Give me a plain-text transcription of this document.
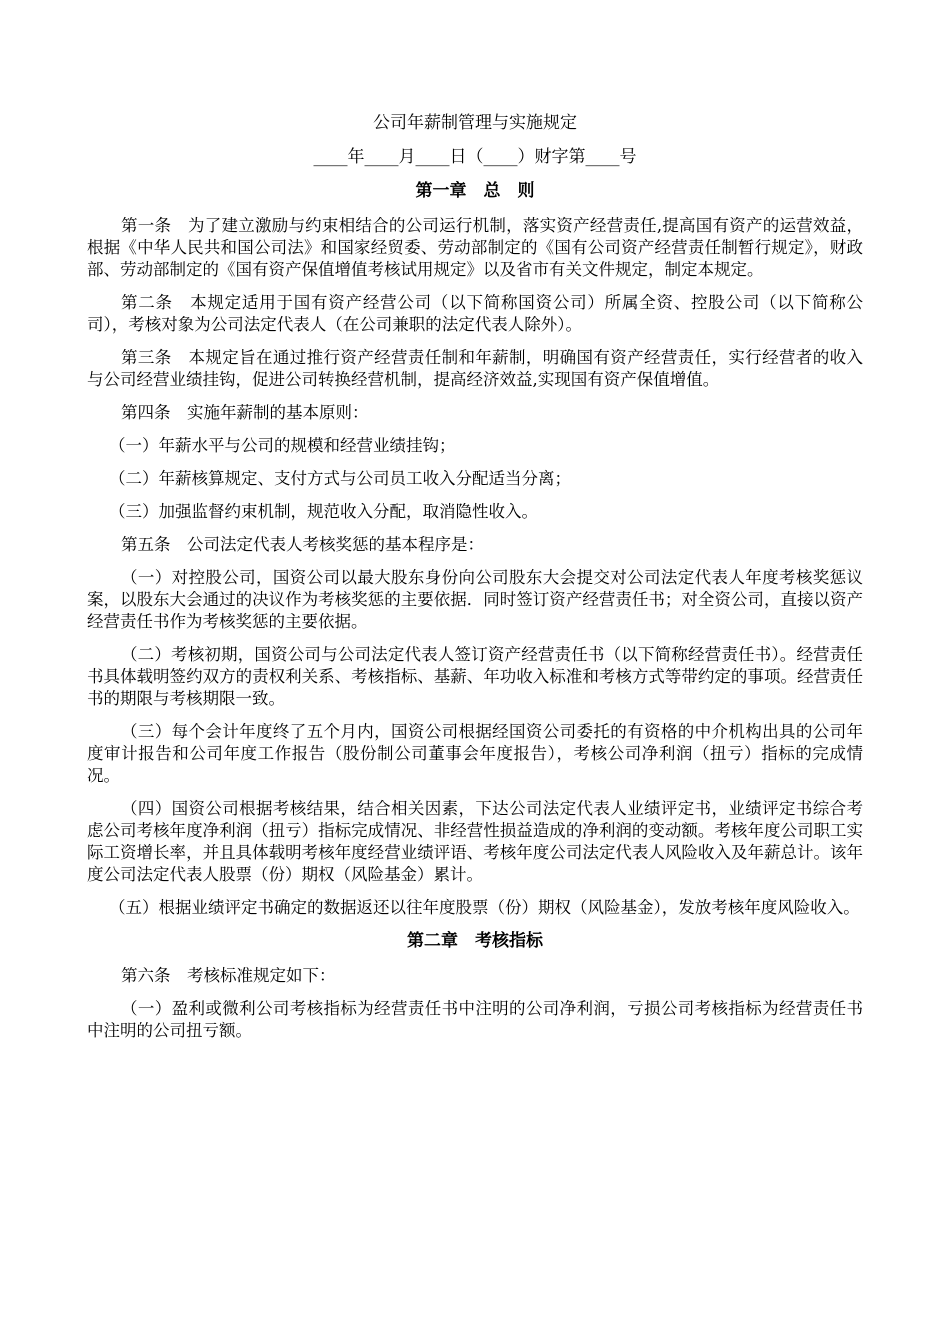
公司年薪制管理与实施规定
____年____月____日（____）财字第____号
第一章　总　则

第一条　为了建立激励与约束相结合的公司运行机制，落实资产经营责任,提高国有资产的运营效益，根据《中华人民共和国公司法》和国家经贸委、劳动部制定的《国有公司资产经营责任制暂行规定》，财政部、劳动部制定的《国有资产保值增值考核试用规定》以及省市有关文件规定，制定本规定。

第二条　本规定适用于国有资产经营公司（以下简称国资公司）所属全资、控股公司（以下简称公司），考核对象为公司法定代表人（在公司兼职的法定代表人除外）。

第三条　本规定旨在通过推行资产经营责任制和年薪制，明确国有资产经营责任，实行经营者的收入与公司经营业绩挂钩，促进公司转换经营机制，提高经济效益,实现国有资产保值增值。

第四条　实施年薪制的基本原则：

（一）年薪水平与公司的规模和经营业绩挂钩；

（二）年薪核算规定、支付方式与公司员工收入分配适当分离；

（三）加强监督约束机制，规范收入分配，取消隐性收入。

第五条　公司法定代表人考核奖惩的基本程序是：

（一）对控股公司，国资公司以最大股东身份向公司股东大会提交对公司法定代表人年度考核奖惩议案，以股东大会通过的决议作为考核奖惩的主要依据．同时签订资产经营责任书；对全资公司，直接以资产经营责任书作为考核奖惩的主要依据。

（二）考核初期，国资公司与公司法定代表人签订资产经营责任书（以下简称经营责任书）。经营责任书具体载明签约双方的责权利关系、考核指标、基薪、年功收入标准和考核方式等带约定的事项。经营责任书的期限与考核期限一致。

（三）每个会计年度终了五个月内，国资公司根据经国资公司委托的有资格的中介机构出具的公司年度审计报告和公司年度工作报告（股份制公司董事会年度报告），考核公司净利润（扭亏）指标的完成情况。

（四）国资公司根据考核结果，结合相关因素，下达公司法定代表人业绩评定书，业绩评定书综合考虑公司考核年度净利润（扭亏）指标完成情况、非经营性损益造成的净利润的变动额。考核年度公司职工实际工资增长率，并且具体载明考核年度经营业绩评语、考核年度公司法定代表人风险收入及年薪总计。该年度公司法定代表人股票（份）期权（风险基金）累计。

（五）根据业绩评定书确定的数据返还以往年度股票（份）期权（风险基金），发放考核年度风险收入。

第二章　考核指标

第六条　考核标准规定如下：

（一）盈利或微利公司考核指标为经营责任书中注明的公司净利润，亏损公司考核指标为经营责任书中注明的公司扭亏额。
